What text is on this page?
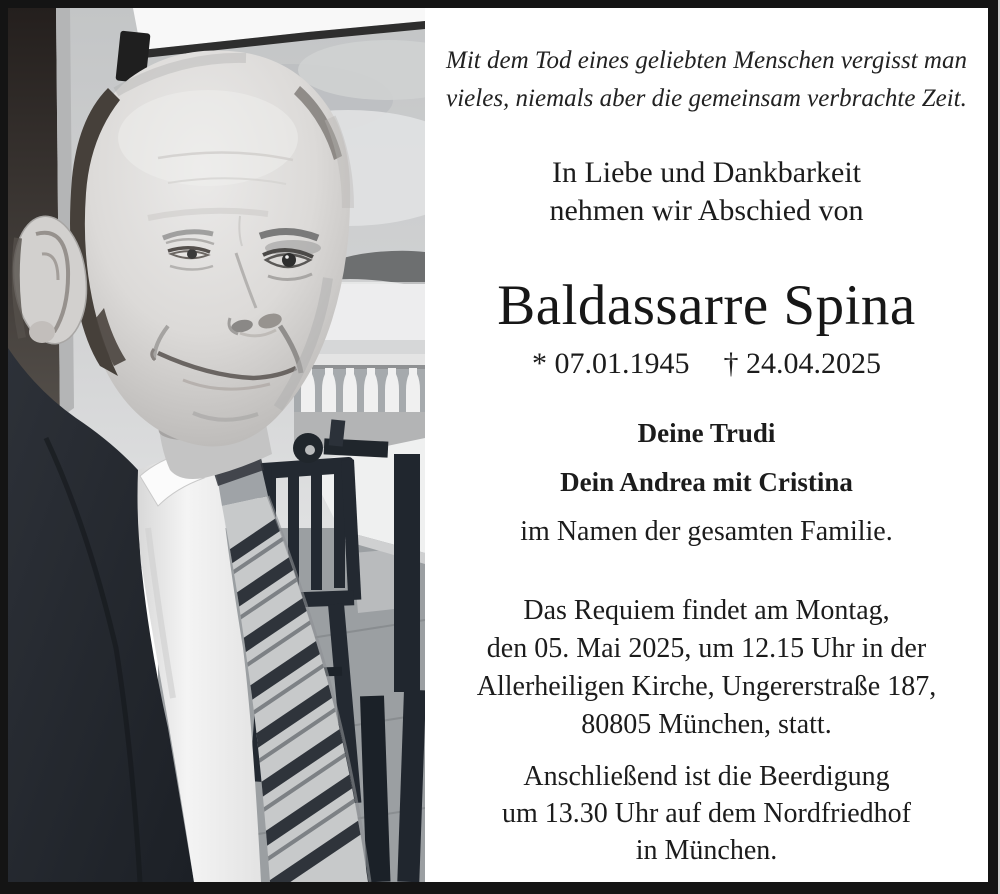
Mit dem Tod eines geliebten Menschen vergisst man
vieles, niemals aber die gemeinsam verbrachte Zeit.
In Liebe und Dankbarkeit
nehmen wir Abschied von
Baldassarre Spina
* 07.01.1945 † 24.04.2025
Deine Trudi
Dein Andrea mit Cristina
im Namen der gesamten Familie.
Das Requiem findet am Montag,
den 05. Mai 2025, um 12.15 Uhr in der
Allerheiligen Kirche, Ungererstraße 187,
80805 München, statt.
Anschließend ist die Beerdigung
um 13.30 Uhr auf dem Nordfriedhof
in München.
